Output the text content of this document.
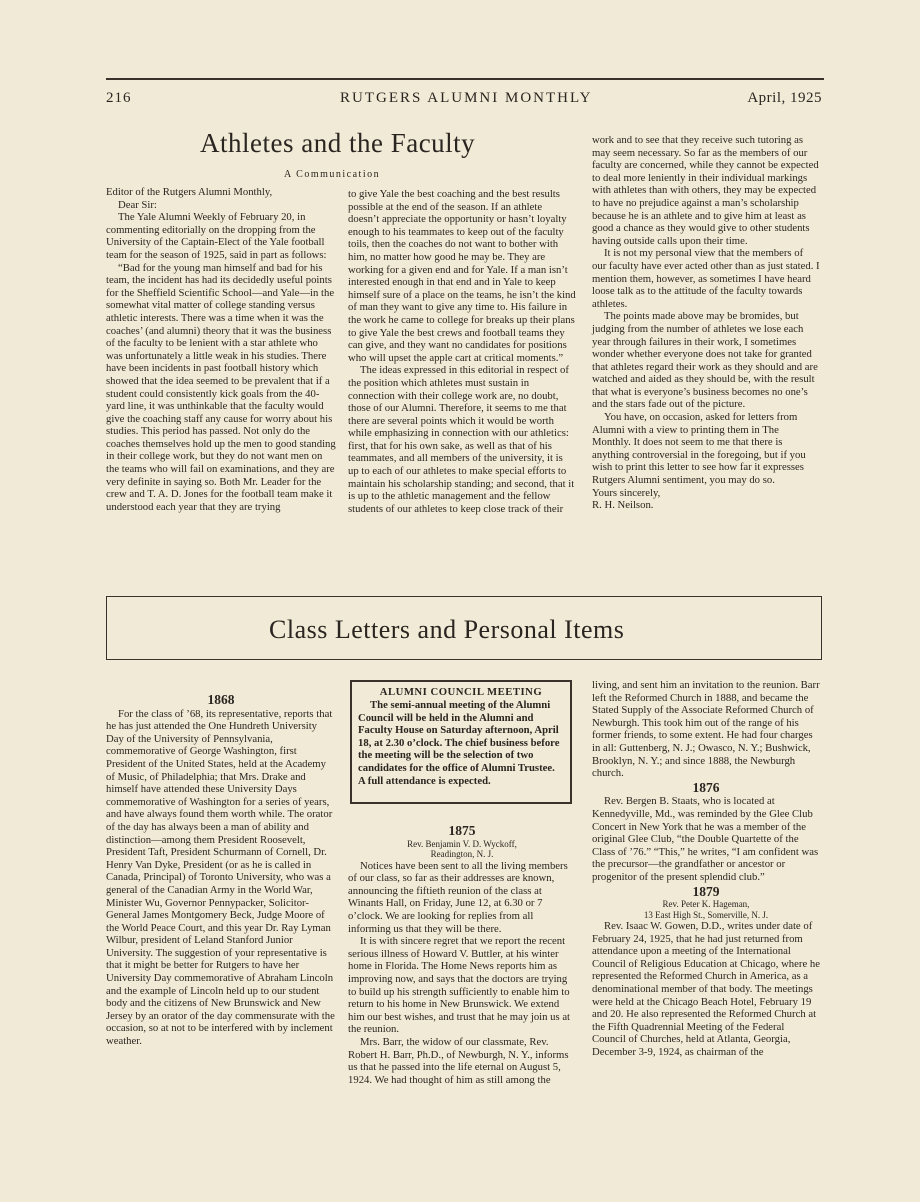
216	RUTGERS ALUMNI MONTHLY	April, 1925
Athletes and the Faculty
A Communication

Editor of the Rutgers Alumni Monthly,

Dear Sir:

The Yale Alumni Weekly of February 20, in commenting editorially on the dropping from the University of the Captain-Elect of the Yale football team for the season of 1925, said in part as follows:

“Bad for the young man himself and bad for his team, the incident has had its decidedly useful points for the Sheffield Scientific School—and Yale—in the somewhat vital matter of college standing versus athletic interests. There was a time when it was the coaches’ (and alumni) theory that it was the business of the faculty to be lenient with a star athlete who was unfortunately a little weak in his studies. There have been incidents in past football history which showed that the idea seemed to be prevalent that if a student could consistently kick goals from the 40-yard line, it was unthinkable that the faculty would give the coaching staff any cause for worry about his studies. This period has passed. Not only do the coaches themselves hold up the men to good standing in their college work, but they do not want men on the teams who will fail on examinations, and they are very definite in saying so. Both Mr. Leader for the crew and T. A. D. Jones for the football team make it understood each year that they are trying

to give Yale the best coaching and the best results possible at the end of the season. If an athlete doesn’t appreciate the opportunity or hasn’t loyalty enough to his teammates to keep out of the faculty toils, then the coaches do not want to bother with him, no matter how good he may be. They are working for a given end and for Yale. If a man isn’t interested enough in that end and in Yale to keep himself sure of a place on the teams, he isn’t the kind of man they want to give any time to. His failure in the work he came to college for breaks up their plans to give Yale the best crews and football teams they can give, and they want no candidates for positions who will upset the apple cart at critical moments.”

The ideas expressed in this editorial in respect of the position which athletes must sustain in connection with their college work are, no doubt, those of our Alumni. Therefore, it seems to me that there are several points which it would be worth while emphasizing in connection with our athletics: first, that for his own sake, as well as that of his teammates, and all members of the university, it is up to each of our athletes to make special efforts to maintain his scholarship standing; and second, that it is up to the athletic management and the fellow students of our athletes to keep close track of their

work and to see that they receive such tutoring as may seem necessary. So far as the members of our faculty are concerned, while they cannot be expected to deal more leniently in their individual markings with athletes than with others, they may be expected to have no prejudice against a man’s scholarship because he is an athlete and to give him at least as good a chance as they would give to other students having outside calls upon their time.

It is not my personal view that the members of our faculty have ever acted other than as just stated. I mention them, however, as sometimes I have heard loose talk as to the attitude of the faculty towards athletes.

The points made above may be bromides, but judging from the number of athletes we lose each year through failures in their work, I sometimes wonder whether everyone does not take for granted that athletes regard their work as they should and are watched and aided as they should be, with the result that what is everyone’s business becomes no one’s and the stars fade out of the picture.

You have, on occasion, asked for letters from Alumni with a view to printing them in The Monthly. It does not seem to me that there is anything controversial in the foregoing, but if you wish to print this letter to see how far it expresses Rutgers Alumni sentiment, you may do so.

Yours sincerely,

R. H. Neilson.

Class Letters and Personal Items
1868

For the class of ’68, its representative, reports that he has just attended the One Hundreth University Day of the University of Pennsylvania, commemorative of George Washington, first President of the United States, held at the Academy of Music, of Philadelphia; that Mrs. Drake and himself have attended these University Days commemorative of Washington for a series of years, and have always found them worth while. The orator of the day has always been a man of ability and distinction—among them President Roosevelt, President Taft, President Schurmann of Cornell, Dr. Henry Van Dyke, President (or as he is called in Canada, Principal) of Toronto University, who was a general of the Canadian Army in the World War, Minister Wu, Governor Pennypacker, Solicitor-General James Montgomery Beck, Judge Moore of the World Peace Court, and this year Dr. Ray Lyman Wilbur, president of Leland Stanford Junior University. The suggestion of your representative is that it might be better for Rutgers to have her University Day commemorative of Abraham Lincoln and the example of Lincoln held up to our student body and the citizens of New Brunswick and New Jersey by an orator of the day commensurate with the occasion, so at not to be interfered with by inclement weather.

ALUMNI COUNCIL MEETING
The semi-annual meeting of the Alumni Council will be held in the Alumni and Faculty House on Saturday afternoon, April 18, at 2.30 o’clock. The chief business before the meeting will be the selection of two candidates for the office of Alumni Trustee. A full attendance is expected.
1875
Rev. Benjamin V. D. Wyckoff,
Readington, N. J.

Notices have been sent to all the living members of our class, so far as their addresses are known, announcing the fiftieth reunion of the class at Winants Hall, on Friday, June 12, at 6.30 or 7 o’clock. We are looking for replies from all informing us that they will be there.

It is with sincere regret that we report the recent serious illness of Howard V. Buttler, at his winter home in Florida. The Home News reports him as improving now, and says that the doctors are trying to build up his strength sufficiently to enable him to return to his home in New Brunswick. We extend him our best wishes, and trust that he may join us at the reunion.

Mrs. Barr, the widow of our classmate, Rev. Robert H. Barr, Ph.D., of Newburgh, N. Y., informs us that he passed into the life eternal on August 5, 1924. We had thought of him as still among the

living, and sent him an invitation to the reunion. Barr left the Reformed Church in 1888, and became the Stated Supply of the Associate Reformed Church of Newburgh. This took him out of the range of his former friends, to some extent. He had four charges in all: Guttenberg, N. J.; Owasco, N. Y.; Bushwick, Brooklyn, N. Y.; and since 1888, the Newburgh church.

1876

Rev. Bergen B. Staats, who is located at Kennedyville, Md., was reminded by the Glee Club Concert in New York that he was a member of the original Glee Club, “the Double Quartette of the Class of ’76.” “This,” he writes, “I am confident was the precursor—the grandfather or ancestor or progenitor of the present splendid club.”

1879
Rev. Peter K. Hageman,
13 East High St., Somerville, N. J.

Rev. Isaac W. Gowen, D.D., writes under date of February 24, 1925, that he had just returned from attendance upon a meeting of the International Council of Religious Education at Chicago, where he represented the Reformed Church in America, as a denominational member of that body. The meetings were held at the Chicago Beach Hotel, February 19 and 20. He also represented the Reformed Church at the Fifth Quadrennial Meeting of the Federal Council of Churches, held at Atlanta, Georgia, December 3-9, 1924, as chairman of the
